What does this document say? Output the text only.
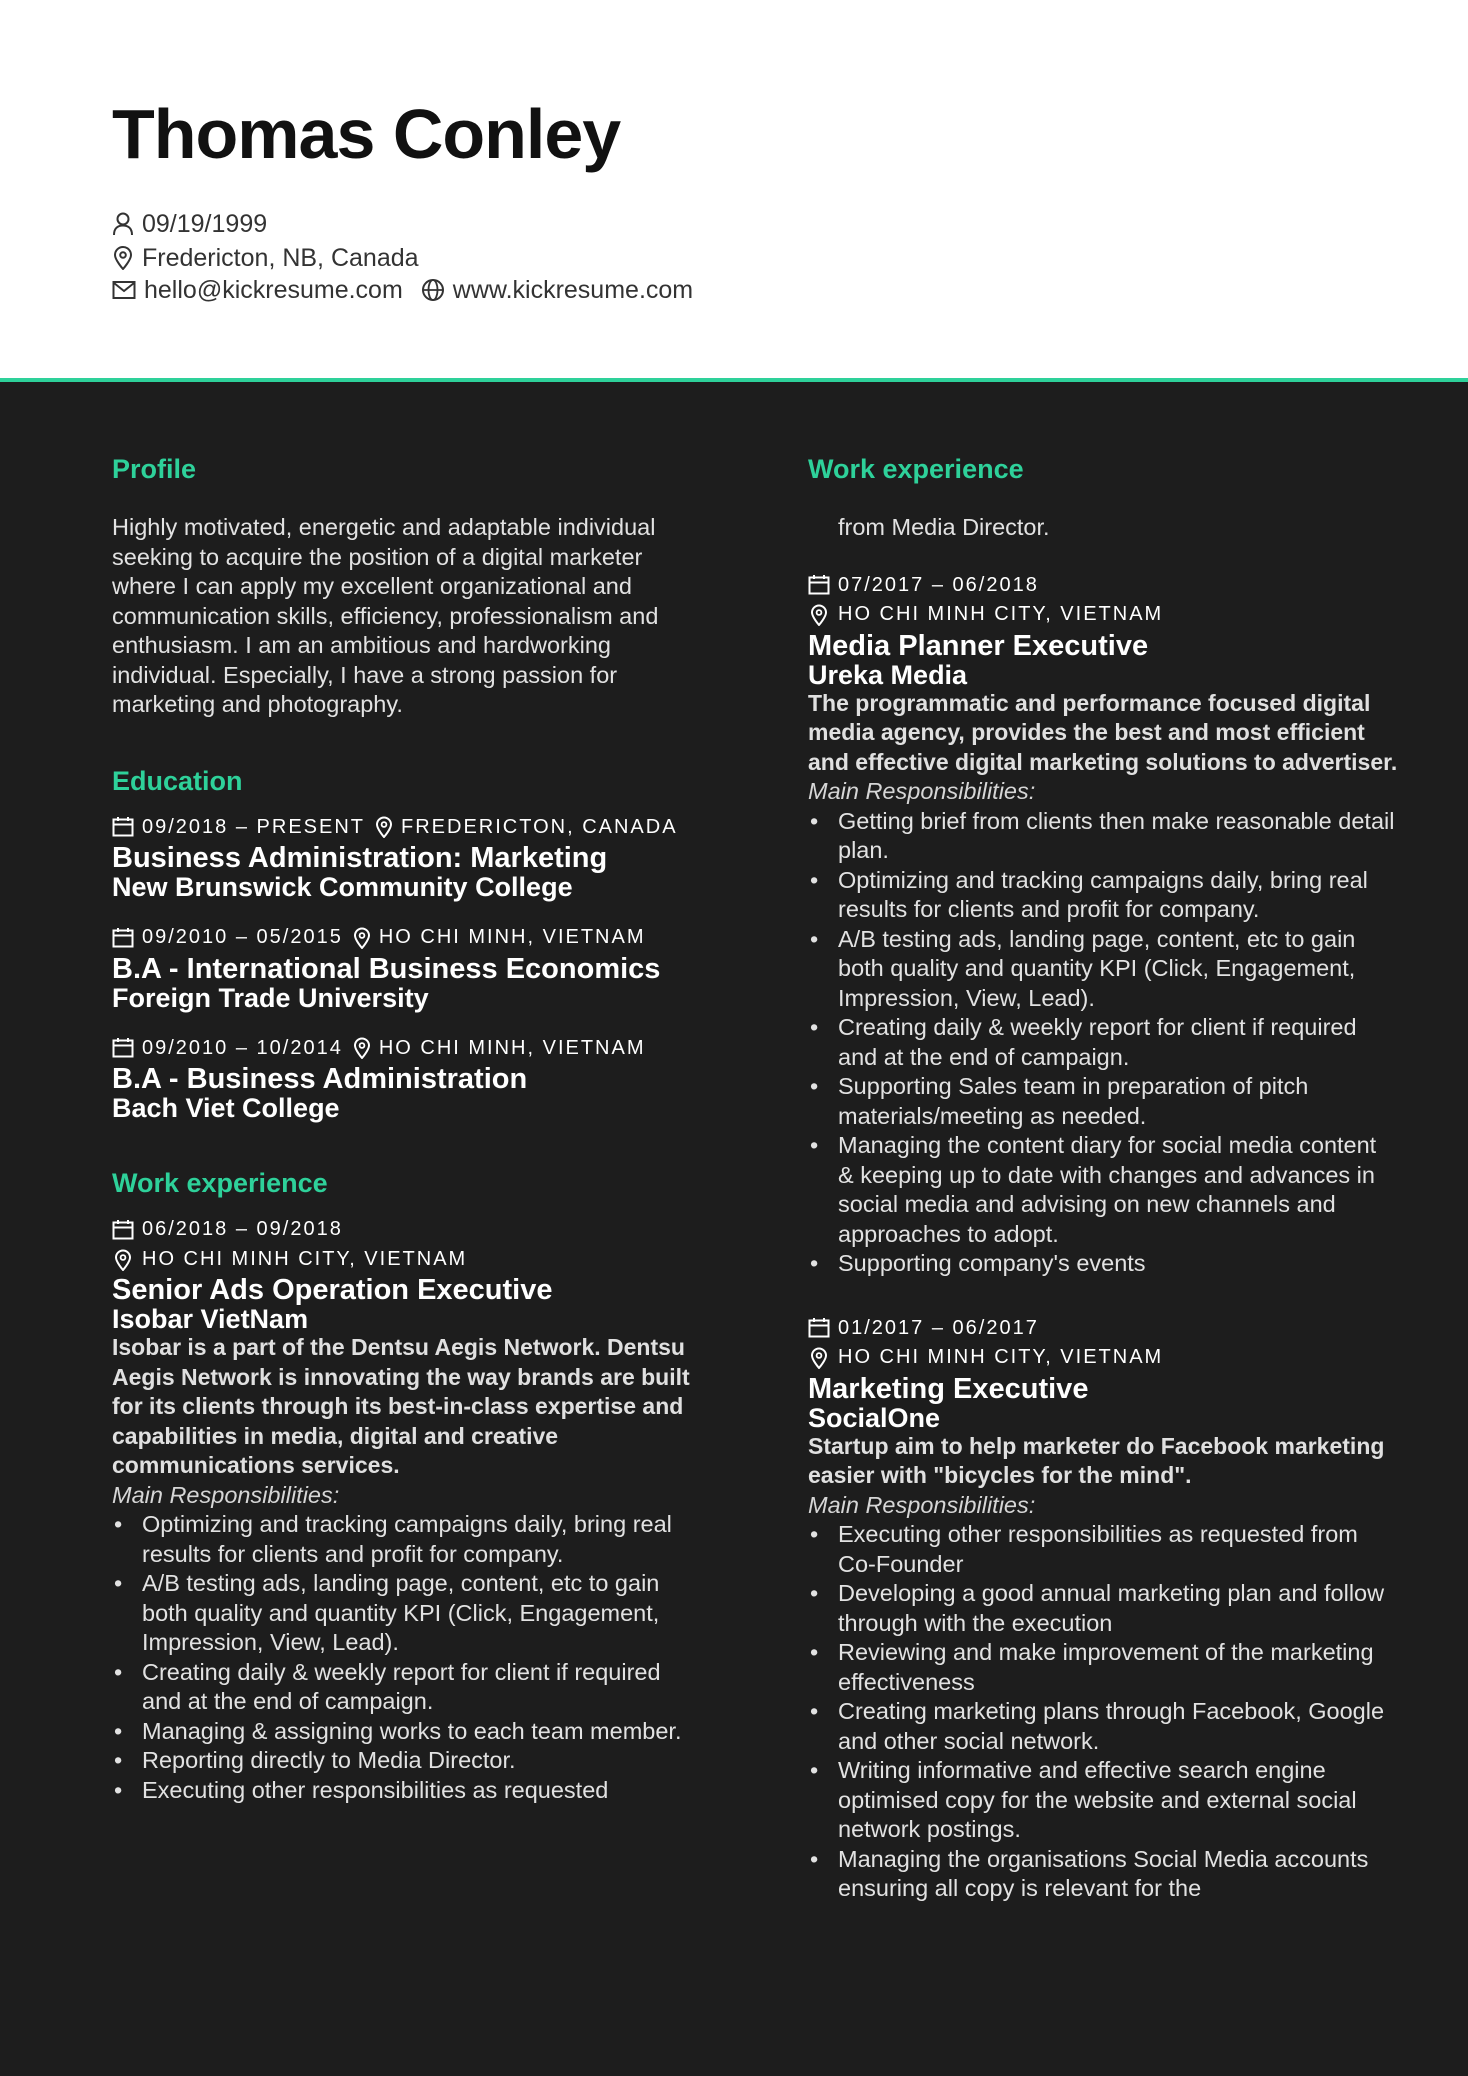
Thomas Conley
09/19/1999
Fredericton, NB, Canada
hello@kickresume.com www.kickresume.com
Profile
Highly motivated, energetic and adaptable individual seeking to acquire the position of a digital marketer where I can apply my excellent organizational and communication skills, efficiency, professionalism and enthusiasm. I am an ambitious and hardworking individual. Especially, I have a strong passion for marketing and photography.
Education
09/2018 – PRESENT FREDERICTON, CANADA
Business Administration: Marketing
New Brunswick Community College
09/2010 – 05/2015 HO CHI MINH, VIETNAM
B.A - International Business Economics
Foreign Trade University
09/2010 – 10/2014 HO CHI MINH, VIETNAM
B.A - Business Administration
Bach Viet College
Work experience
06/2018 – 09/2018
HO CHI MINH CITY, VIETNAM
Senior Ads Operation Executive
Isobar VietNam
Isobar is a part of the Dentsu Aegis Network. Dentsu Aegis Network is innovating the way brands are built for its clients through its best-in-class expertise and capabilities in media, digital and creative communications services.
Main Responsibilities:
• Optimizing and tracking campaigns daily, bring real results for clients and profit for company.
• A/B testing ads, landing page, content, etc to gain both quality and quantity KPI (Click, Engagement, Impression, View, Lead).
• Creating daily & weekly report for client if required and at the end of campaign.
• Managing & assigning works to each team member.
• Reporting directly to Media Director.
• Executing other responsibilities as requested
Work experience
from Media Director.
07/2017 – 06/2018
HO CHI MINH CITY, VIETNAM
Media Planner Executive
Ureka Media
The programmatic and performance focused digital media agency, provides the best and most efficient and effective digital marketing solutions to advertiser.
Main Responsibilities:
• Getting brief from clients then make reasonable detail plan.
• Optimizing and tracking campaigns daily, bring real results for clients and profit for company.
• A/B testing ads, landing page, content, etc to gain both quality and quantity KPI (Click, Engagement, Impression, View, Lead).
• Creating daily & weekly report for client if required and at the end of campaign.
• Supporting Sales team in preparation of pitch materials/meeting as needed.
• Managing the content diary for social media content & keeping up to date with changes and advances in social media and advising on new channels and approaches to adopt.
• Supporting company's events
01/2017 – 06/2017
HO CHI MINH CITY, VIETNAM
Marketing Executive
SocialOne
Startup aim to help marketer do Facebook marketing easier with "bicycles for the mind".
Main Responsibilities:
• Executing other responsibilities as requested from Co-Founder
• Developing a good annual marketing plan and follow through with the execution
• Reviewing and make improvement of the marketing effectiveness
• Creating marketing plans through Facebook, Google and other social network.
• Writing informative and effective search engine optimised copy for the website and external social network postings.
• Managing the organisations Social Media accounts ensuring all copy is relevant for the
